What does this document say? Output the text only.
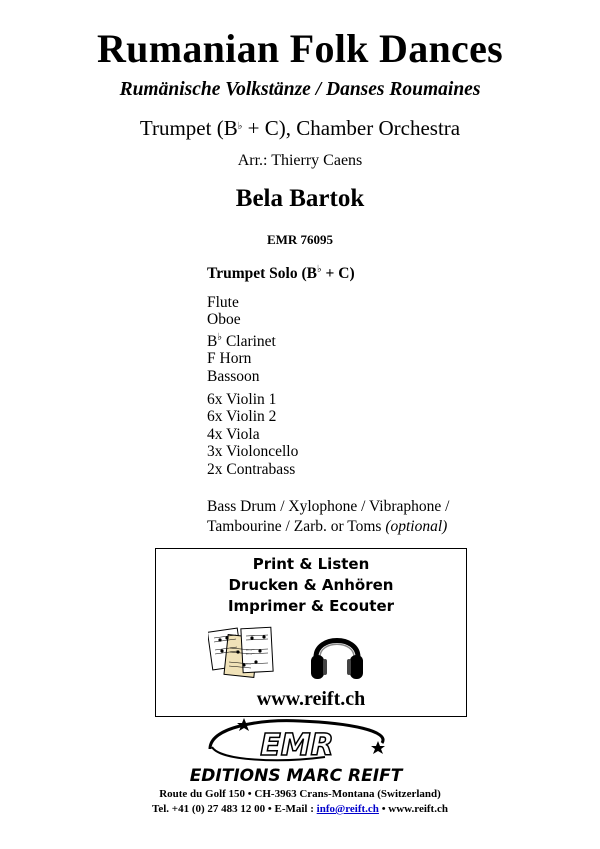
Rumanian Folk Dances
Rumänische Volkstänze / Danses Roumaines
Trumpet (B♭ + C), Chamber Orchestra
Arr.: Thierry Caens
Bela Bartok
EMR 76095
Trumpet Solo (B♭ + C)
Flute
Oboe
B♭ Clarinet
F Horn
Bassoon
6x Violin 1
6x Violin 2
4x Viola
3x Violoncello
2x Contrabass
Bass Drum / Xylophone / Vibraphone /
Tambourine / Zarb. or Toms (optional)
Print & Listen
Drucken & Anhören
Imprimer & Ecouter
www.reift.ch
EMR
EDITIONS MARC REIFT
Route du Golf 150 • CH-3963 Crans-Montana (Switzerland)
Tel. +41 (0) 27 483 12 00 • E-Mail : info@reift.ch • www.reift.ch
